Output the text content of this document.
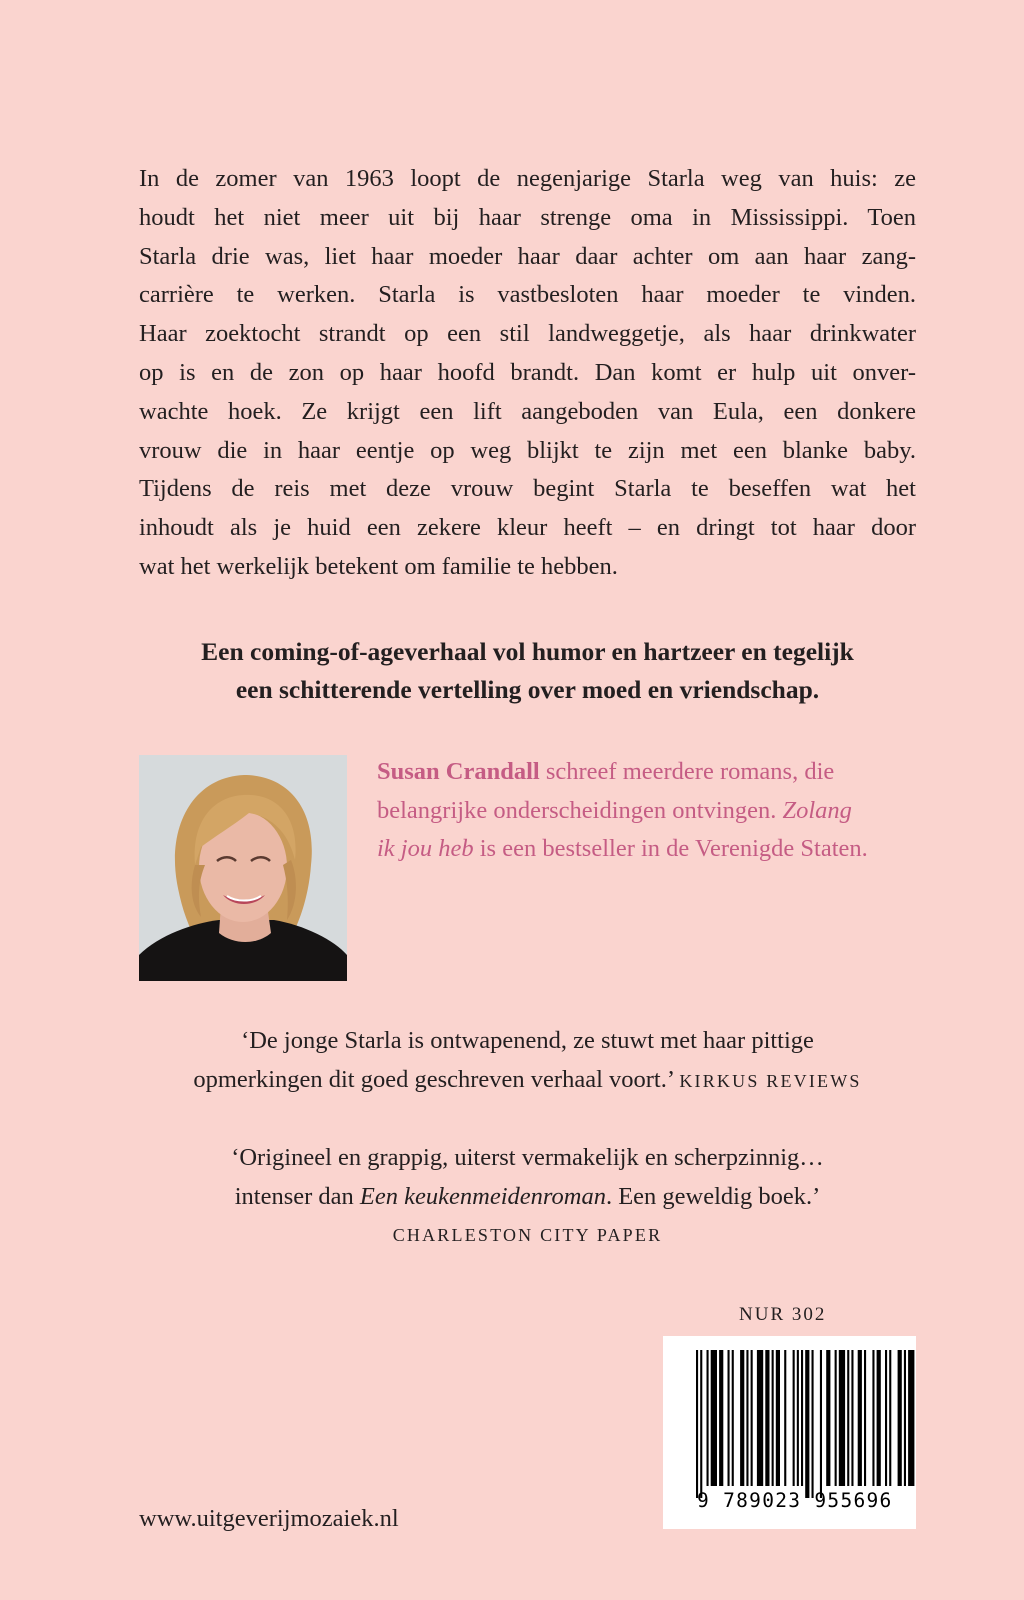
In de zomer van 1963 loopt de negenjarige Starla weg van huis: ze
houdt het niet meer uit bij haar strenge oma in Mississippi. Toen
Starla drie was, liet haar moeder haar daar achter om aan haar zang-
carrière te werken. Starla is vastbesloten haar moeder te vinden.
Haar zoektocht strandt op een stil landweggetje, als haar drinkwater
op is en de zon op haar hoofd brandt. Dan komt er hulp uit onver-
wachte hoek. Ze krijgt een lift aangeboden van Eula, een donkere
vrouw die in haar eentje op weg blijkt te zijn met een blanke baby.
Tijdens de reis met deze vrouw begint Starla te beseffen wat het
inhoudt als je huid een zekere kleur heeft – en dringt tot haar door
wat het werkelijk betekent om familie te hebben.

Een coming-of-ageverhaal vol humor en hartzeer en tegelijk
een schitterende vertelling over moed en vriendschap.

Susan Crandall schreef meerdere romans, die
belangrijke onderscheidingen ontvingen. Zolang
ik jou heb is een bestseller in de Verenigde Staten.

‘De jonge Starla is ontwapenend, ze stuwt met haar pittige
opmerkingen dit goed geschreven verhaal voort.’ KIRKUS REVIEWS

‘Origineel en grappig, uiterst vermakelijk en scherpzinnig…
intenser dan Een keukenmeidenroman. Een geweldig boek.’
CHARLESTON CITY PAPER

NUR 302
9 789023 955696
www.uitgeverijmozaiek.nl
